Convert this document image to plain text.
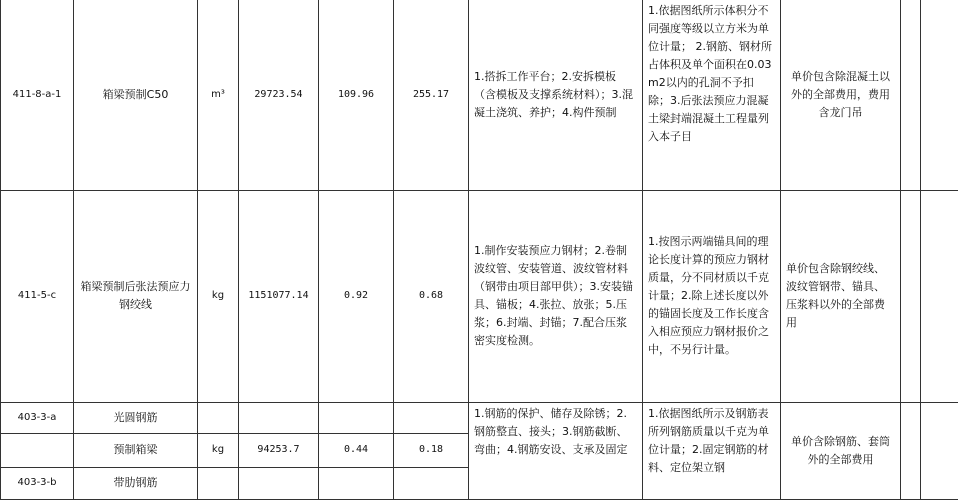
411-8-a-1	箱梁预制C50	m³	29723.54	109.96	255.17	1.搭拆工作平台；2.安拆模板（含模板及支撑系统材料）；3.混凝土浇筑、养护；4.构件预制	1.依据图纸所示体积分不同强度等级以立方米为单位计量； 2.钢筋、钢材所占体积及单个面积在0.03m2以内的孔洞不予扣除；3.后张法预应力混凝土梁封端混凝土工程量列入本子目	单价包含除混凝土以外的全部费用，费用含龙门吊		
411-5-c	箱梁预制后张法预应力钢绞线	kg	1151077.14	0.92	0.68	1.制作安装预应力钢材；2.卷制波纹管、安装管道、波纹管材料（钢带由项目部甲供）；3.安装锚具、锚板；4.张拉、放张；5.压浆；6.封端、封锚；7.配合压浆密实度检测。	1.按图示两端锚具间的理论长度计算的预应力钢材质量，分不同材质以千克计量；2.除上述长度以外的锚固长度及工作长度含入相应预应力钢材报价之中，不另行计量。	单价包含除钢绞线、波纹管钢带、锚具、压浆料以外的全部费用		
403-3-a	光圆钢筋					1.钢筋的保护、储存及除锈；2.钢筋整直、接头；3.钢筋截断、弯曲；4.钢筋安设、支承及固定	1.依据图纸所示及钢筋表所列钢筋质量以千克为单位计量；2.固定钢筋的材料、定位架立钢	单价含除钢筋、套筒外的全部费用		
	预制箱梁	kg	94253.7	0.44	0.18					
403-3-b	带肋钢筋									
